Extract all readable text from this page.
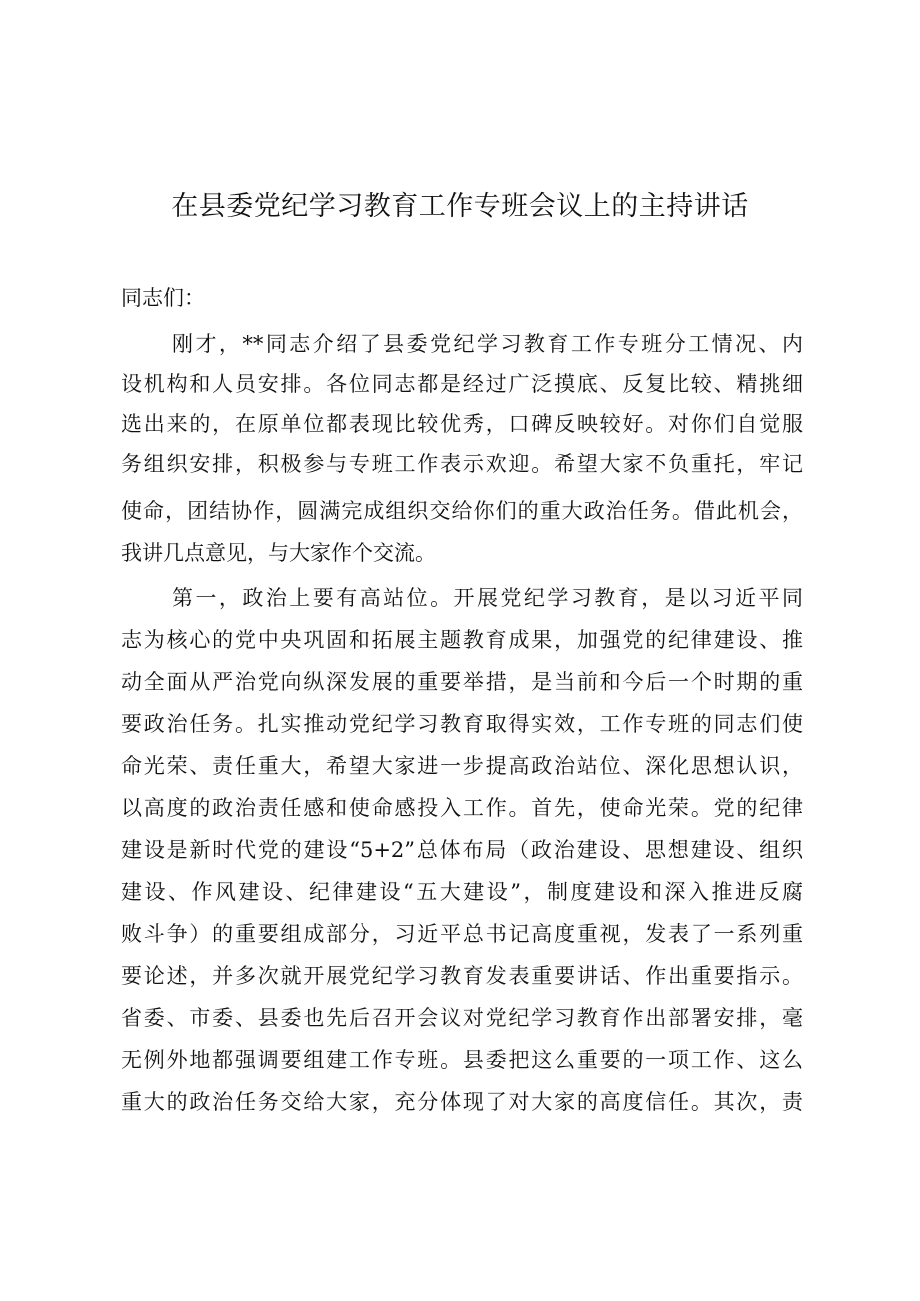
在县委党纪学习教育工作专班会议上的主持讲话
同志们：
刚才，**同志介绍了县委党纪学习教育工作专班分工情况、内
设机构和人员安排。各位同志都是经过广泛摸底、反复比较、精挑细
选出来的，在原单位都表现比较优秀，口碑反映较好。对你们自觉服
务组织安排，积极参与专班工作表示欢迎。希望大家不负重托，牢记
使命，团结协作，圆满完成组织交给你们的重大政治任务。借此机会，
我讲几点意见，与大家作个交流。
第一，政治上要有高站位。开展党纪学习教育，是以习近平同
志为核心的党中央巩固和拓展主题教育成果，加强党的纪律建设、推
动全面从严治党向纵深发展的重要举措，是当前和今后一个时期的重
要政治任务。扎实推动党纪学习教育取得实效，工作专班的同志们使
命光荣、责任重大，希望大家进一步提高政治站位、深化思想认识，
以高度的政治责任感和使命感投入工作。首先，使命光荣。党的纪律
建设是新时代党的建设“5+2”总体布局（政治建设、思想建设、组织
建设、作风建设、纪律建设“五大建设”，制度建设和深入推进反腐
败斗争）的重要组成部分，习近平总书记高度重视，发表了一系列重
要论述，并多次就开展党纪学习教育发表重要讲话、作出重要指示。
省委、市委、县委也先后召开会议对党纪学习教育作出部署安排，毫
无例外地都强调要组建工作专班。县委把这么重要的一项工作、这么
重大的政治任务交给大家，充分体现了对大家的高度信任。其次，责
